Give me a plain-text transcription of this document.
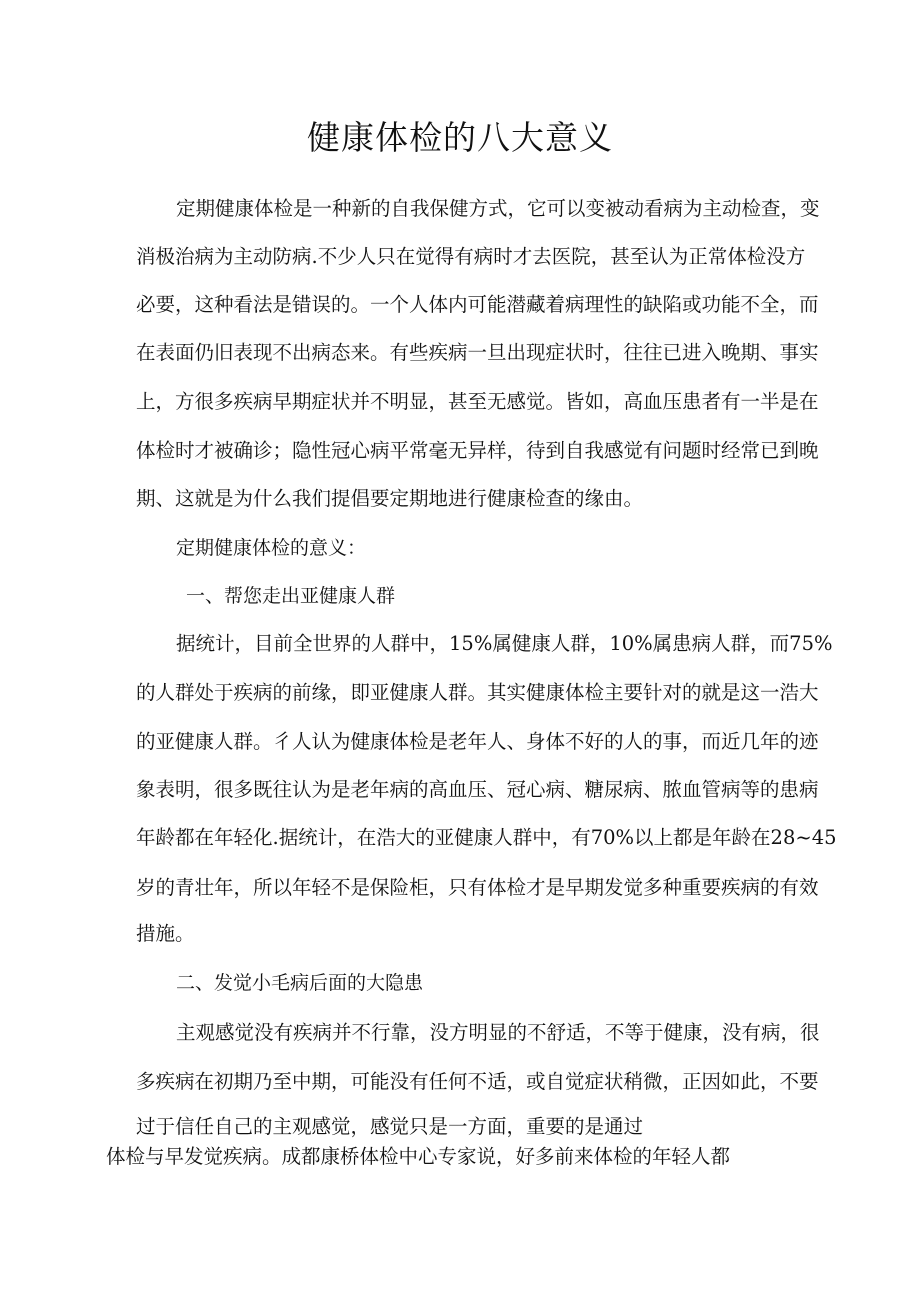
健康体检的八大意义
定期健康体检是一种新的自我保健方式，它可以变被动看病为主动检查，变
消极治病为主动防病.不少人只在觉得有病时才去医院，甚至认为正常体检没方
必要，这种看法是错误的。一个人体内可能潜藏着病理性的缺陷或功能不全，而
在表面仍旧表现不出病态来。有些疾病一旦出现症状时，往往已进入晚期、事实
上，方很多疾病早期症状并不明显，甚至无感觉。皆如，高血压患者有一半是在
体检时才被确诊；隐性冠心病平常毫无异样，待到自我感觉有问题时经常已到晚
期、这就是为什么我们提倡要定期地进行健康检查的缘由。
定期健康体检的意义：
一、帮您走出亚健康人群
据统计，目前全世界的人群中，15%属健康人群，10%属患病人群，而75%
的人群处于疾病的前缘，即亚健康人群。其实健康体检主要针对的就是这一浩大
的亚健康人群。彳人认为健康体检是老年人、身体不好的人的事，而近几年的迹
象表明，很多既往认为是老年病的高血压、冠心病、糖尿病、脓血管病等的患病
年龄都在年轻化.据统计，在浩大的亚健康人群中，有70%以上都是年龄在28~45
岁的青壮年，所以年轻不是保险柜，只有体检才是早期发觉多种重要疾病的有效
措施。
二、发觉小毛病后面的大隐患
主观感觉没有疾病并不行靠，没方明显的不舒适，不等于健康，没有病，很
多疾病在初期乃至中期，可能没有任何不适，或自觉症状稍微，正因如此，不要
过于信任自己的主观感觉，感觉只是一方面，重要的是通过
体检与早发觉疾病。成都康桥体检中心专家说，好多前来体检的年轻人都
